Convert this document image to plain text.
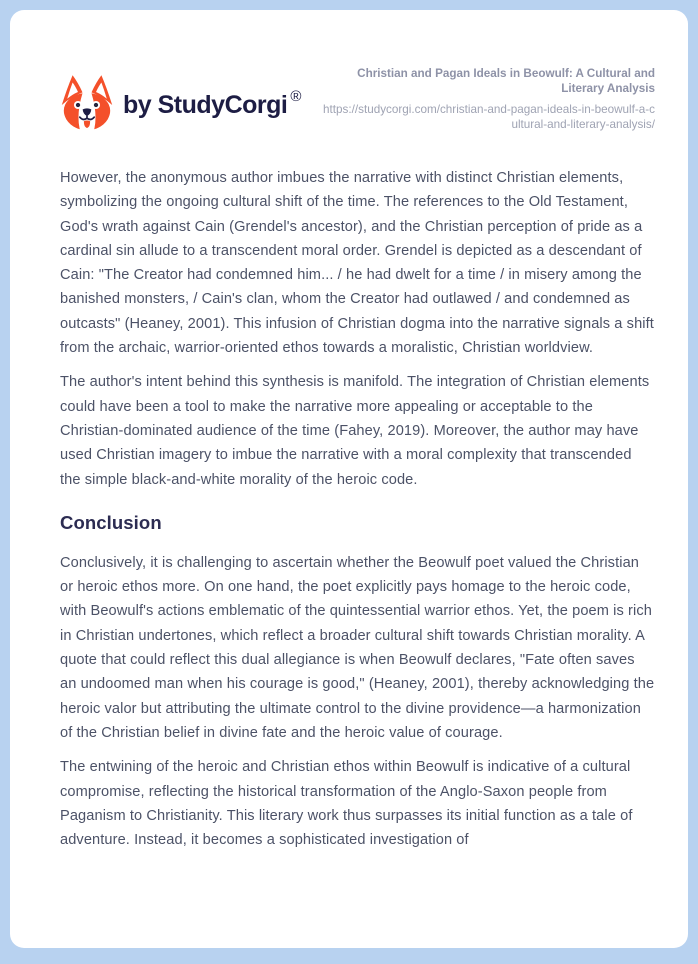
by StudyCorgi ®
Christian and Pagan Ideals in Beowulf: A Cultural and Literary Analysis
https://studycorgi.com/christian-and-pagan-ideals-in-beowulf-a-cultural-and-literary-analysis/

However, the anonymous author imbues the narrative with distinct Christian elements, symbolizing the ongoing cultural shift of the time. The references to the Old Testament, God's wrath against Cain (Grendel's ancestor), and the Christian perception of pride as a cardinal sin allude to a transcendent moral order. Grendel is depicted as a descendant of Cain: "The Creator had condemned him... / he had dwelt for a time / in misery among the banished monsters, / Cain's clan, whom the Creator had outlawed / and condemned as outcasts" (Heaney, 2001). This infusion of Christian dogma into the narrative signals a shift from the archaic, warrior-oriented ethos towards a moralistic, Christian worldview.

The author's intent behind this synthesis is manifold. The integration of Christian elements could have been a tool to make the narrative more appealing or acceptable to the Christian-dominated audience of the time (Fahey, 2019). Moreover, the author may have used Christian imagery to imbue the narrative with a moral complexity that transcended the simple black-and-white morality of the heroic code.

Conclusion

Conclusively, it is challenging to ascertain whether the Beowulf poet valued the Christian or heroic ethos more. On one hand, the poet explicitly pays homage to the heroic code, with Beowulf's actions emblematic of the quintessential warrior ethos. Yet, the poem is rich in Christian undertones, which reflect a broader cultural shift towards Christian morality. A quote that could reflect this dual allegiance is when Beowulf declares, "Fate often saves an undoomed man when his courage is good," (Heaney, 2001), thereby acknowledging the heroic valor but attributing the ultimate control to the divine providence—a harmonization of the Christian belief in divine fate and the heroic value of courage.

The entwining of the heroic and Christian ethos within Beowulf is indicative of a cultural compromise, reflecting the historical transformation of the Anglo-Saxon people from Paganism to Christianity. This literary work thus surpasses its initial function as a tale of adventure. Instead, it becomes a sophisticated investigation of
